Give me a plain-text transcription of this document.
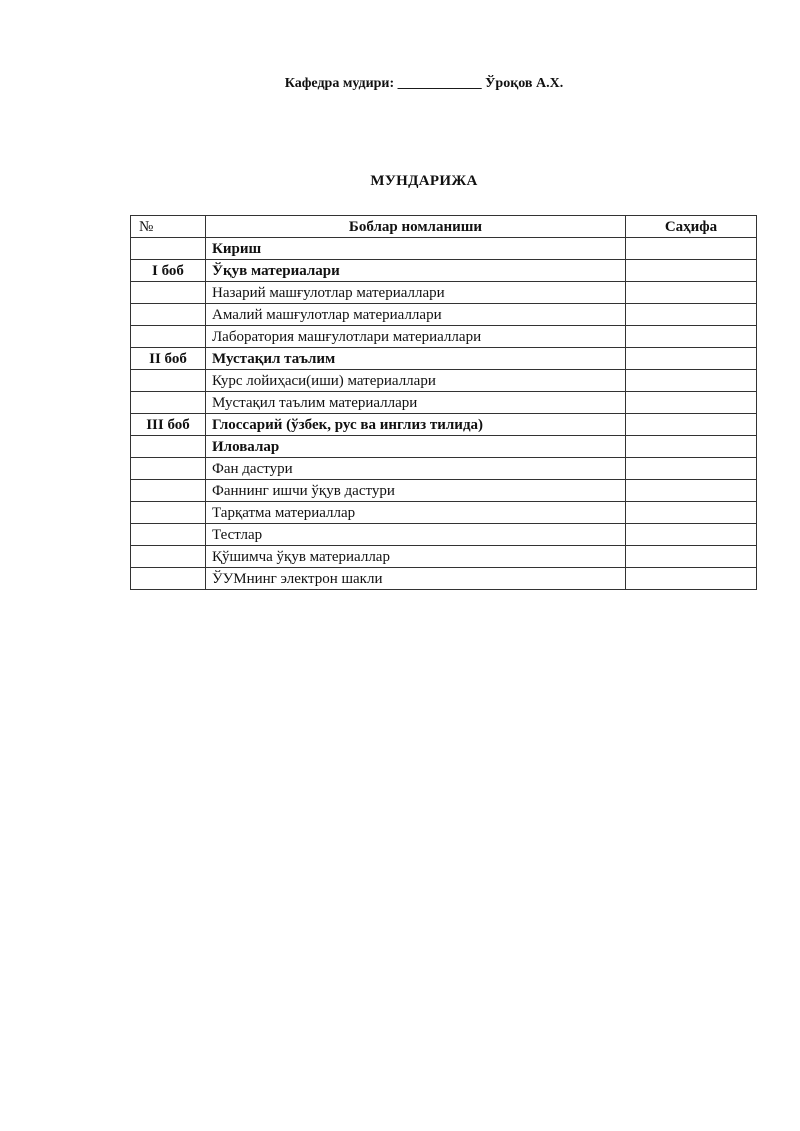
Кафедра мудири: ____________ Ўроқов А.Х.
МУНДАРИЖА
№	Боблар номланиши	Саҳифа
	Кириш	
I боб	Ўқув материалари	
	Назарий машғулотлар материаллари	
	Амалий машғулотлар материаллари	
	Лаборатория машғулотлари материаллари	
II боб	Мустақил таълим	
	Курс лойиҳаси(иши) материаллари	
	Мустақил таълим материаллари	
III боб	Глоссарий (ўзбек, рус ва инглиз тилида)	
	Иловалар	
	Фан дастури	
	Фаннинг ишчи ўқув дастури	
	Тарқатма материаллар	
	Тестлар	
	Қўшимча ўқув материаллар	
	ЎУМнинг электрон шакли	
